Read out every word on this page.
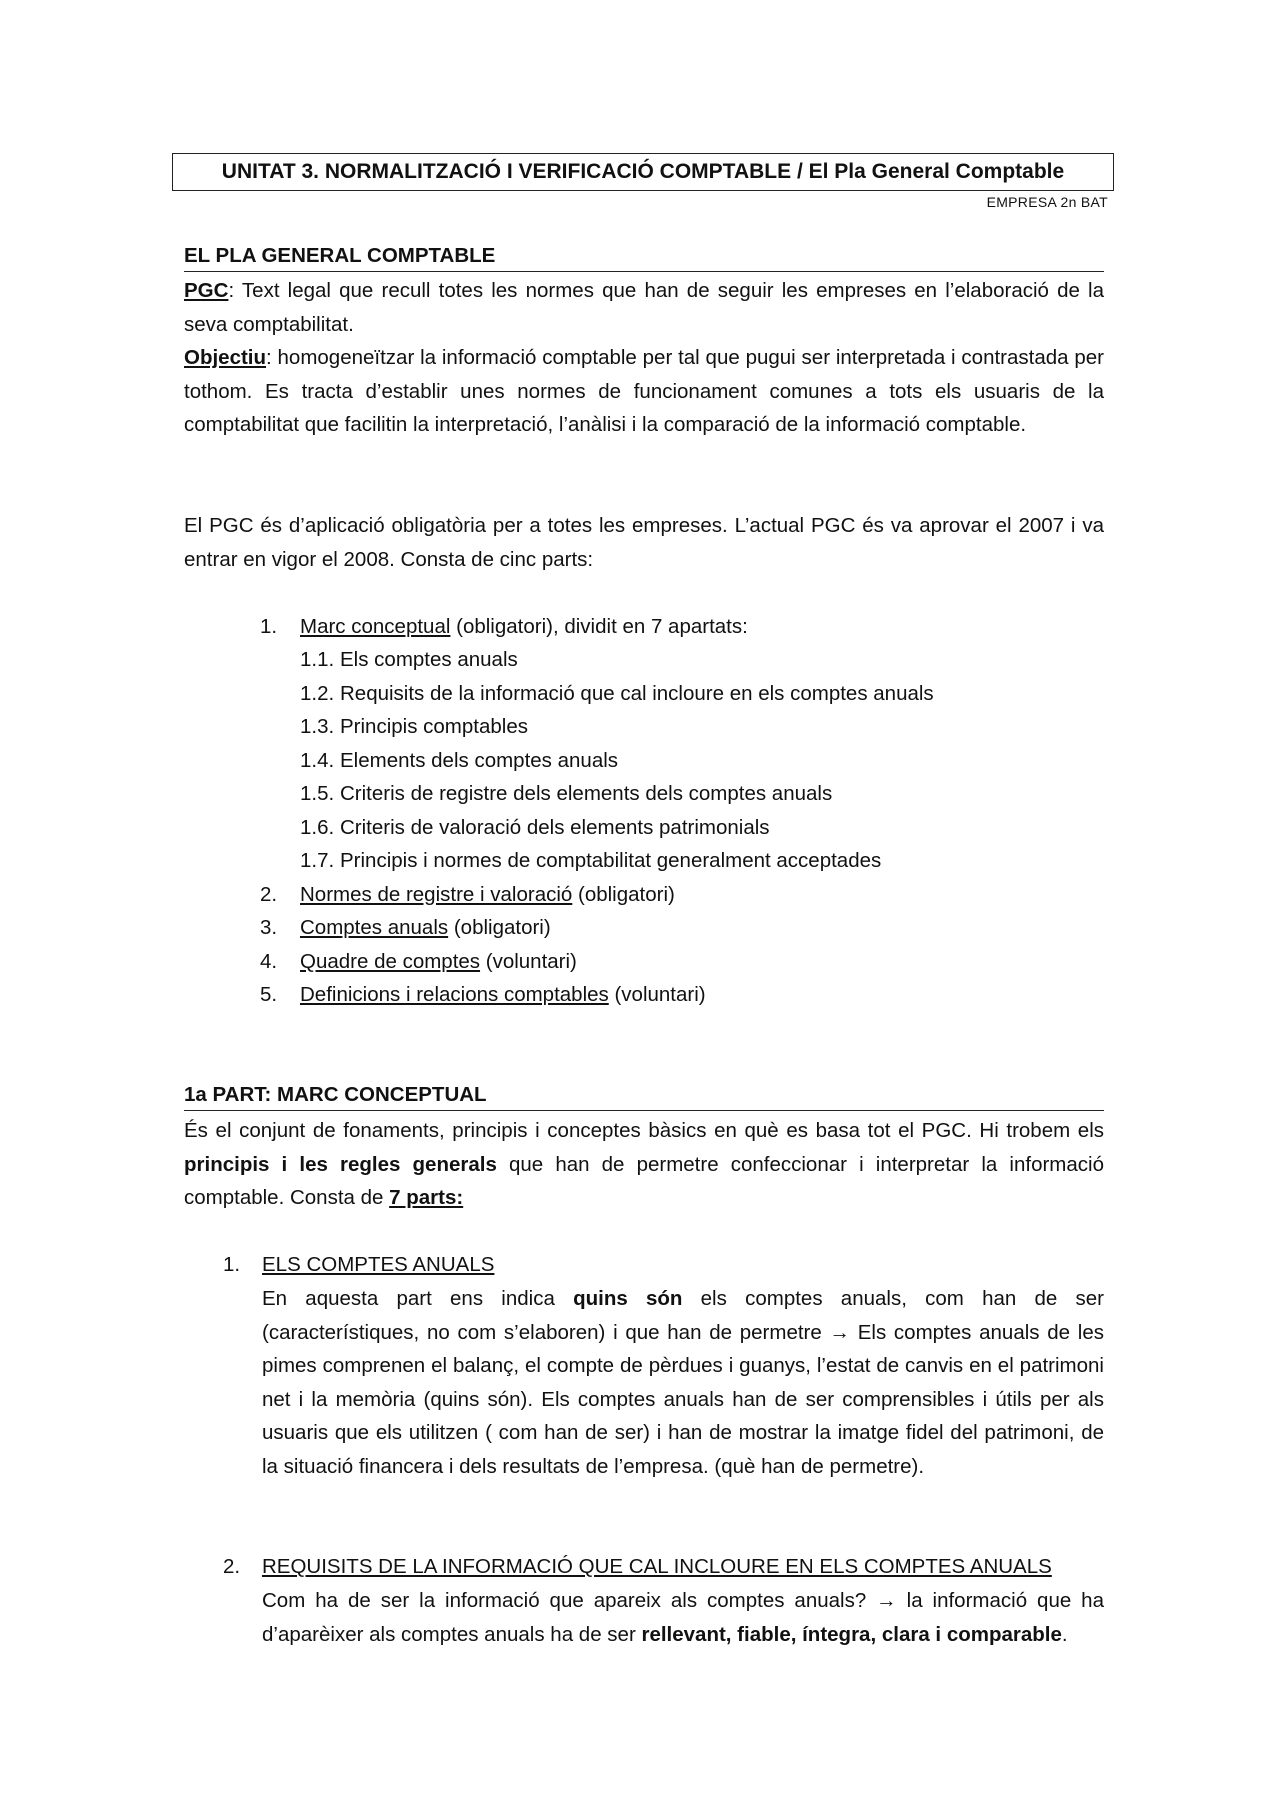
UNITAT 3. NORMALITZACIÓ I VERIFICACIÓ COMPTABLE / El Pla General Comptable
EMPRESA 2n BAT
EL PLA GENERAL COMPTABLE

PGC: Text legal que recull totes les normes que han de seguir les empreses en l’elaboració de la seva comptabilitat.

Objectiu: homogeneïtzar la informació comptable per tal que pugui ser interpretada i contrastada per tothom. Es tracta d’establir unes normes de funcionament comunes a tots els usuaris de la comptabilitat que facilitin la interpretació, l’anàlisi i la comparació de la informació comptable.

El PGC és d’aplicació obligatòria per a totes les empreses. L’actual PGC és va aprovar el 2007 i va entrar en vigor el 2008. Consta de cinc parts:

1. Marc conceptual (obligatori), dividit en 7 apartats:
1.1. Els comptes anuals
1.2. Requisits de la informació que cal incloure en els comptes anuals
1.3. Principis comptables
1.4. Elements dels comptes anuals
1.5. Criteris de registre dels elements dels comptes anuals
1.6. Criteris de valoració dels elements patrimonials
1.7. Principis i normes de comptabilitat generalment acceptades
2. Normes de registre i valoració (obligatori)
3. Comptes anuals (obligatori)
4. Quadre de comptes (voluntari)
5. Definicions i relacions comptables (voluntari)
1a PART: MARC CONCEPTUAL

És el conjunt de fonaments, principis i conceptes bàsics en què es basa tot el PGC. Hi trobem els principis i les regles generals que han de permetre confeccionar i interpretar la informació comptable. Consta de 7 parts:

1. ELS COMPTES ANUALS
En aquesta part ens indica quins són els comptes anuals, com han de ser (característiques, no com s’elaboren) i que han de permetre → Els comptes anuals de les pimes comprenen el balanç, el compte de pèrdues i guanys, l’estat de canvis en el patrimoni net i la memòria (quins són). Els comptes anuals han de ser comprensibles i útils per als usuaris que els utilitzen ( com han de ser) i han de mostrar la imatge fidel del patrimoni, de la situació financera i dels resultats de l’empresa. (què han de permetre).
2. REQUISITS DE LA INFORMACIÓ QUE CAL INCLOURE EN ELS COMPTES ANUALS
Com ha de ser la informació que apareix als comptes anuals? → la informació que ha d’aparèixer als comptes anuals ha de ser rellevant, fiable, íntegra, clara i comparable.
